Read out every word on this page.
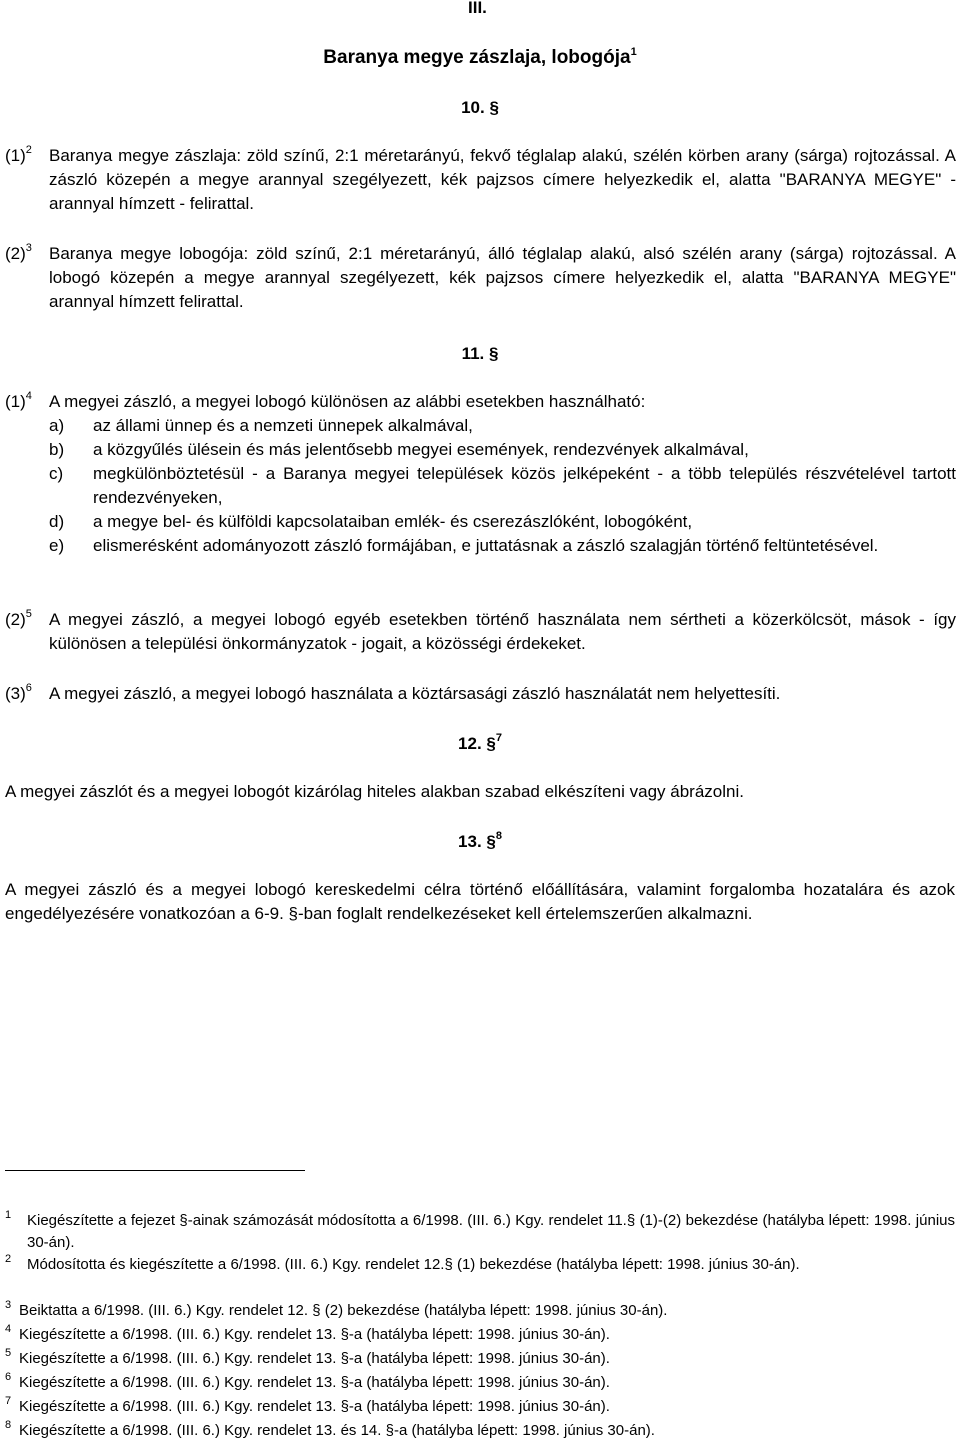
III.
Baranya megye zászlaja, lobogója$^1$
10. §
$(1)^2$ Baranya megye zászlaja: zöld színű, 2:1 méretarányú, fekvő téglalap alakú, szélén körben arany (sárga) rojtozással. A zászló közepén a megye arannyal szegélyezett, kék pajzsos címere helyezkedik el, alatta "BARANYA MEGYE" - arannyal hímzett - felirattal.
$(2)^3$ Baranya megye lobogója: zöld színű, 2:1 méretarányú, álló téglalap alakú, alsó szélén arany (sárga) rojtozással. A lobogó közepén a megye arannyal szegélyezett, kék pajzsos címere helyezkedik el, alatta "BARANYA MEGYE" arannyal hímzett felirattal.
11. §
$(1)^4$ A megyei zászló, a megyei lobogó különösen az alábbi esetekben használható:
a) az állami ünnep és a nemzeti ünnepek alkalmával,
b) a közgyűlés ülésein és más jelentősebb megyei események, rendezvények alkalmával,
c) megkülönböztetésül - a Baranya megyei települések közös jelképeként - a több település részvételével tartott rendezvényeken,
d) a megye bel- és külföldi kapcsolataiban emlék- és cserezászlóként, lobogóként,
e) elismerésként adományozott zászló formájában, e juttatásnak a zászló szalagján történő feltüntetésével.
$(2)^5$ A megyei zászló, a megyei lobogó egyéb esetekben történő használata nem sértheti a közerkölcsöt, mások - így különösen a települési önkormányzatok - jogait, a közösségi érdekeket.
$(3)^6$ A megyei zászló, a megyei lobogó használata a köztársasági zászló használatát nem helyettesíti.
12. §$^7$
A megyei zászlót és a megyei lobogót kizárólag hiteles alakban szabad elkészíteni vagy ábrázolni.
13. §$^8$
A megyei zászló és a megyei lobogó kereskedelmi célra történő előállítására, valamint forgalomba hozatalára és azok engedélyezésére vonatkozóan a 6-9. §-ban foglalt rendelkezéseket kell értelemszerűen alkalmazni.
1 Kiegészítette a fejezet §-ainak számozását módosította a 6/1998. (III. 6.) Kgy. rendelet 11.§ (1)-(2) bekezdése (hatályba lépett: 1998. június 30-án).
2 Módosította és kiegészítette a 6/1998. (III. 6.) Kgy. rendelet 12.§ (1) bekezdése (hatályba lépett: 1998. június 30-án).
3 Beiktatta a 6/1998. (III. 6.) Kgy. rendelet 12. § (2) bekezdése (hatályba lépett: 1998. június 30-án).
4 Kiegészítette a 6/1998. (III. 6.) Kgy. rendelet 13. §-a (hatályba lépett: 1998. június 30-án).
5 Kiegészítette a 6/1998. (III. 6.) Kgy. rendelet 13. §-a (hatályba lépett: 1998. június 30-án).
6 Kiegészítette a 6/1998. (III. 6.) Kgy. rendelet 13. §-a (hatályba lépett: 1998. június 30-án).
7 Kiegészítette a 6/1998. (III. 6.) Kgy. rendelet 13. §-a (hatályba lépett: 1998. június 30-án).
8 Kiegészítette a 6/1998. (III. 6.) Kgy. rendelet 13. és 14. §-a (hatályba lépett: 1998. június 30-án).
